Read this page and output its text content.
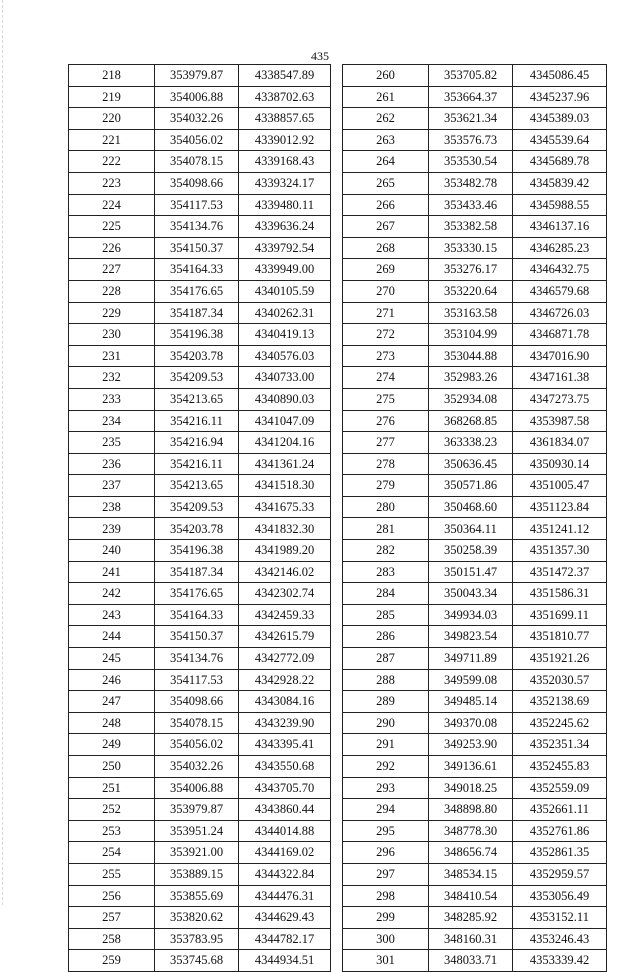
435
218	353979.87	4338547.89
219	354006.88	4338702.63
220	354032.26	4338857.65
221	354056.02	4339012.92
222	354078.15	4339168.43
223	354098.66	4339324.17
224	354117.53	4339480.11
225	354134.76	4339636.24
226	354150.37	4339792.54
227	354164.33	4339949.00
228	354176.65	4340105.59
229	354187.34	4340262.31
230	354196.38	4340419.13
231	354203.78	4340576.03
232	354209.53	4340733.00
233	354213.65	4340890.03
234	354216.11	4341047.09
235	354216.94	4341204.16
236	354216.11	4341361.24
237	354213.65	4341518.30
238	354209.53	4341675.33
239	354203.78	4341832.30
240	354196.38	4341989.20
241	354187.34	4342146.02
242	354176.65	4342302.74
243	354164.33	4342459.33
244	354150.37	4342615.79
245	354134.76	4342772.09
246	354117.53	4342928.22
247	354098.66	4343084.16
248	354078.15	4343239.90
249	354056.02	4343395.41
250	354032.26	4343550.68
251	354006.88	4343705.70
252	353979.87	4343860.44
253	353951.24	4344014.88
254	353921.00	4344169.02
255	353889.15	4344322.84
256	353855.69	4344476.31
257	353820.62	4344629.43
258	353783.95	4344782.17
259	353745.68	4344934.51
260	353705.82	4345086.45
261	353664.37	4345237.96
262	353621.34	4345389.03
263	353576.73	4345539.64
264	353530.54	4345689.78
265	353482.78	4345839.42
266	353433.46	4345988.55
267	353382.58	4346137.16
268	353330.15	4346285.23
269	353276.17	4346432.75
270	353220.64	4346579.68
271	353163.58	4346726.03
272	353104.99	4346871.78
273	353044.88	4347016.90
274	352983.26	4347161.38
275	352934.08	4347273.75
276	368268.85	4353987.58
277	363338.23	4361834.07
278	350636.45	4350930.14
279	350571.86	4351005.47
280	350468.60	4351123.84
281	350364.11	4351241.12
282	350258.39	4351357.30
283	350151.47	4351472.37
284	350043.34	4351586.31
285	349934.03	4351699.11
286	349823.54	4351810.77
287	349711.89	4351921.26
288	349599.08	4352030.57
289	349485.14	4352138.69
290	349370.08	4352245.62
291	349253.90	4352351.34
292	349136.61	4352455.83
293	349018.25	4352559.09
294	348898.80	4352661.11
295	348778.30	4352761.86
296	348656.74	4352861.35
297	348534.15	4352959.57
298	348410.54	4353056.49
299	348285.92	4353152.11
300	348160.31	4353246.43
301	348033.71	4353339.42
